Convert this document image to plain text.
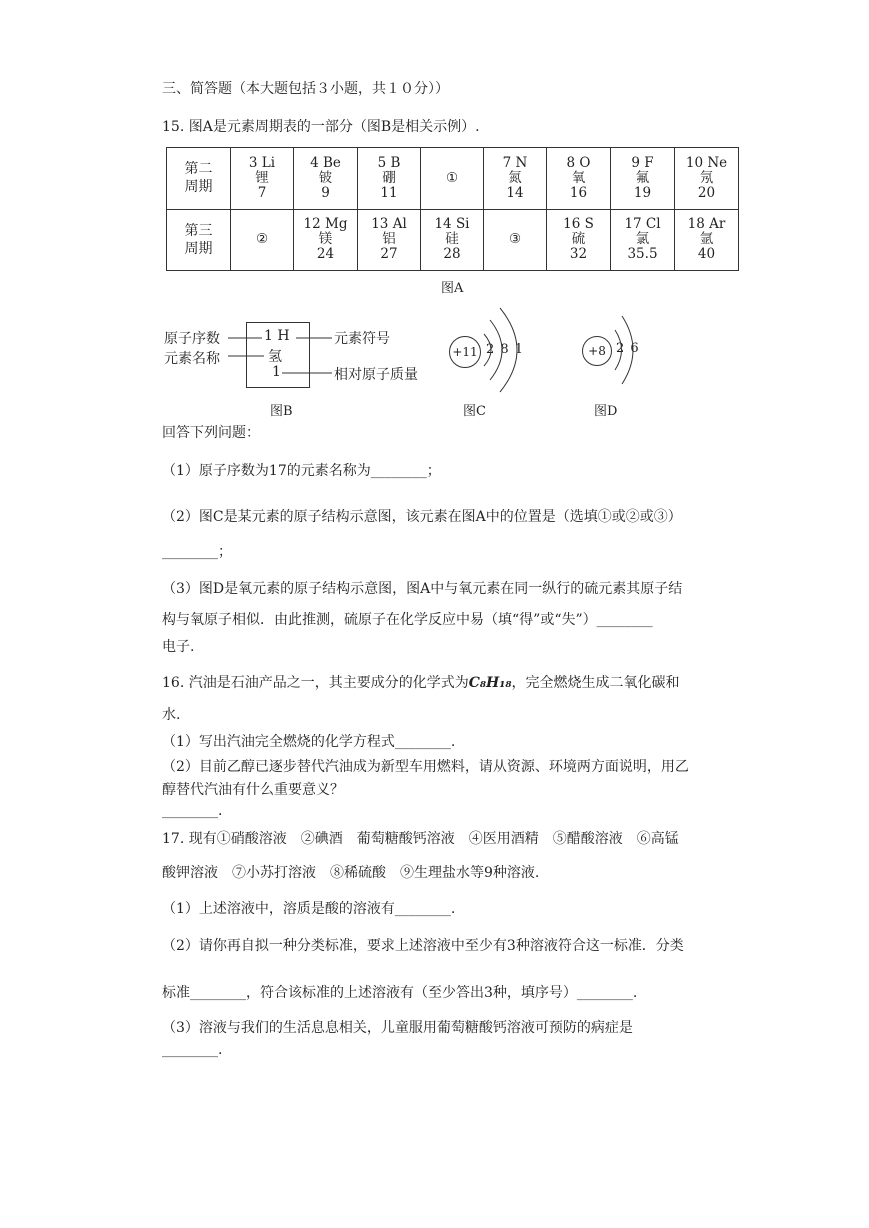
三、简答题（本大题包括３小题，共１０分））
15. 图A是元素周期表的一部分（图B是相关示例）.
第二
周期	3 Li
锂
7	4 Be
铍
9	5 B
硼
11	①	7 N
氮
14	8 O
氧
16	9 F
氟
19	10 Ne
氖
20

第三
周期	②	12 Mg
镁
24	13 Al
铝
27	14 Si
硅
28	③	16 S
硫
32	17 Cl
氯
35.5	18 Ar
氩
40
图A
原子序数
元素名称
元素符号
相对原子质量
1 H
氢
1
图B
+11 2 8 1
图C
+8 2 6
图D
回答下列问题：
（1）原子序数为17的元素名称为________；
（2）图C是某元素的原子结构示意图，该元素在图A中的位置是（选填①或②或③）
________；
（3）图D是氧元素的原子结构示意图，图A中与氧元素在同一纵行的硫元素其原子结
构与氧原子相似．由此推测，硫原子在化学反应中易（填“得”或“失”）________
电子.
16. 汽油是石油产品之一，其主要成分的化学式为C₈H₁₈，完全燃烧生成二氧化碳和
水.
（1）写出汽油完全燃烧的化学方程式________.
（2）目前乙醇已逐步替代汽油成为新型车用燃料，请从资源、环境两方面说明，用乙
醇替代汽油有什么重要意义？
________.
17. 现有①硝酸溶液　②碘酒　葡萄糖酸钙溶液　④医用酒精　⑤醋酸溶液　⑥高锰
酸钾溶液　⑦小苏打溶液　⑧稀硫酸　⑨生理盐水等9种溶液.
（1）上述溶液中，溶质是酸的溶液有________.
（2）请你再自拟一种分类标准，要求上述溶液中至少有3种溶液符合这一标准．分类
标准________，符合该标准的上述溶液有（至少答出3种，填序号）________.
（3）溶液与我们的生活息息相关，儿童服用葡萄糖酸钙溶液可预防的病症是
________.
